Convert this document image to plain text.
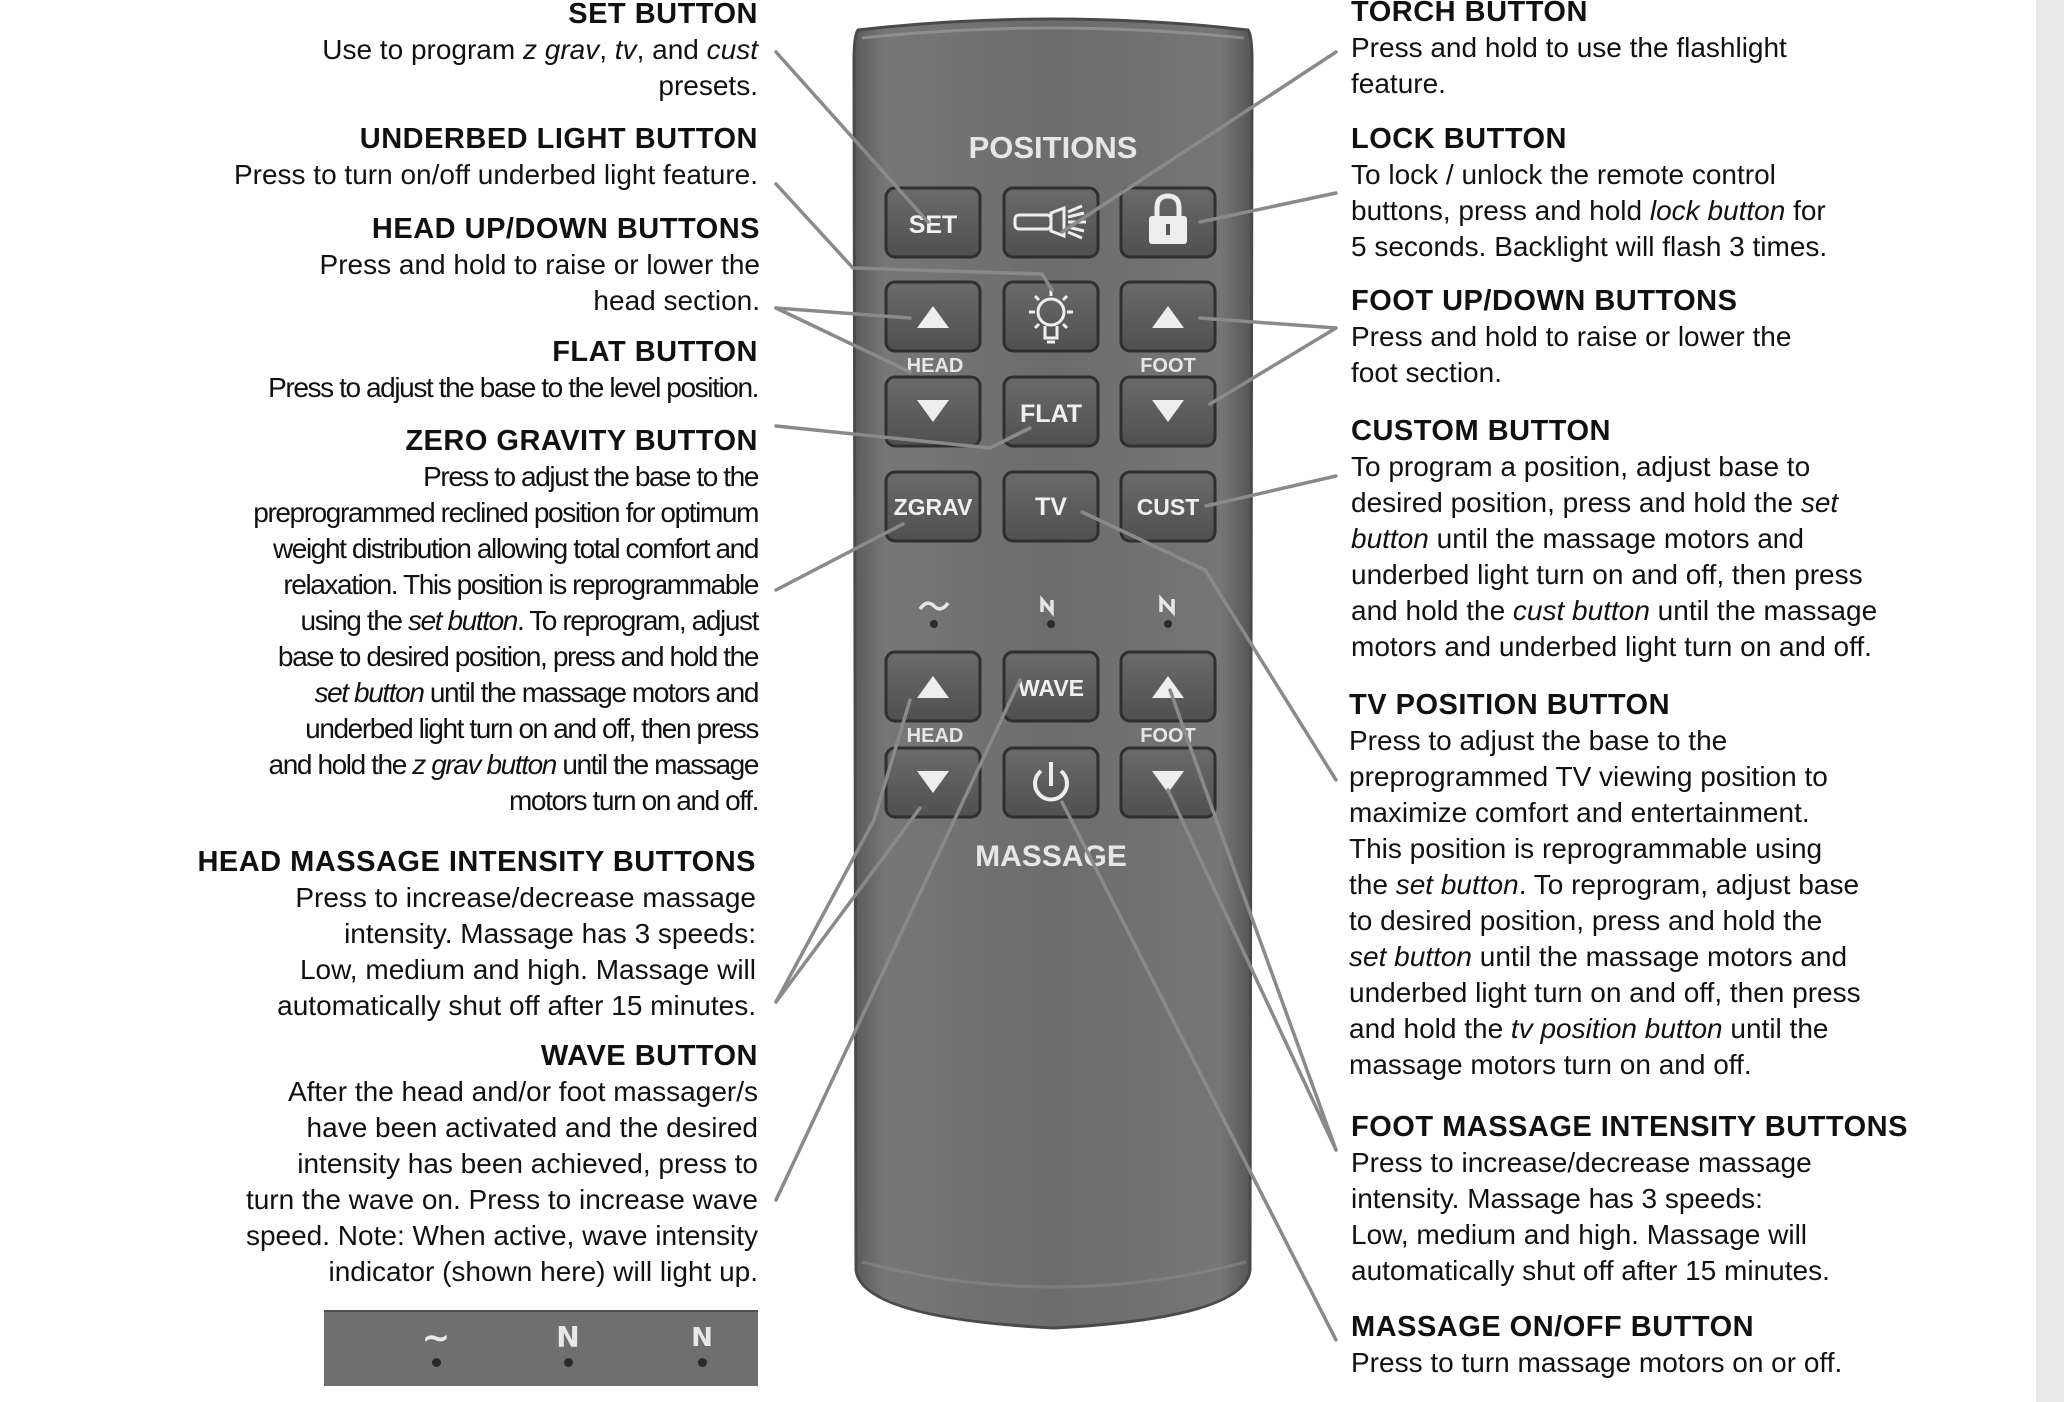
SET BUTTON

Use to program z grav, tv, and cust

presets.

UNDERBED LIGHT BUTTON

Press to turn on/off underbed light feature.

HEAD UP/DOWN BUTTONS

Press and hold to raise or lower the

head section.

FLAT BUTTON

Press to adjust the base to the level position.

ZERO GRAVITY BUTTON

Press to adjust the base to the

preprogrammed reclined position for optimum

weight distribution allowing total comfort and

relaxation. This position is reprogrammable

using the set button. To reprogram, adjust

base to desired position, press and hold the

set button until the massage motors and

underbed light turn on and off, then press

and hold the z grav button until the massage

motors turn on and off.

HEAD MASSAGE INTENSITY BUTTONS

Press to increase/decrease massage

intensity. Massage has 3 speeds:

Low, medium and high. Massage will

automatically shut off after 15 minutes.

WAVE BUTTON

After the head and/or foot massager/s

have been activated and the desired

intensity has been achieved, press to

turn the wave on. Press to increase wave

speed. Note: When active, wave intensity

indicator (shown here) will light up.

TORCH BUTTON

Press and hold to use the flashlight

feature.

LOCK BUTTON

To lock / unlock the remote control

buttons, press and hold lock button for

5 seconds. Backlight will flash 3 times.

FOOT UP/DOWN BUTTONS

Press and hold to raise or lower the

foot section.

CUSTOM BUTTON

To program a position, adjust base to

desired position, press and hold the set

button until the massage motors and

underbed light turn on and off, then press

and hold the cust button until the massage

motors and underbed light turn on and off.

TV POSITION BUTTON

Press to adjust the base to the

preprogrammed TV viewing position to

maximize comfort and entertainment.

This position is reprogrammable using

the set button. To reprogram, adjust base

to desired position, press and hold the

set button until the massage motors and

underbed light turn on and off, then press

and hold the tv position button until the

massage motors turn on and off.

FOOT MASSAGE INTENSITY BUTTONS

Press to increase/decrease massage

intensity. Massage has 3 speeds:

Low, medium and high. Massage will

automatically shut off after 15 minutes.

MASSAGE ON/OFF BUTTON

Press to turn massage motors on or off.

POSITIONS
SET
HEAD	FOOT
FLAT
ZGRAV	TV	CUST
WAVE
HEAD	FOOT
MASSAGE
∼	Ν	N
